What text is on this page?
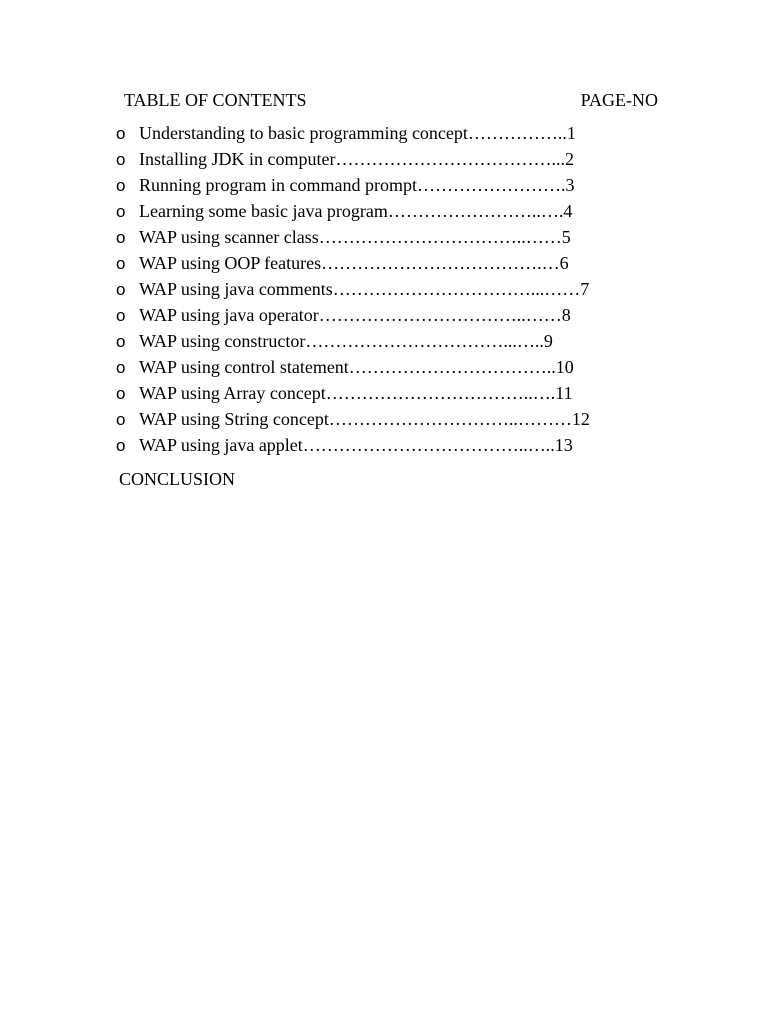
TABLE OF CONTENTS	PAGE-NO
o Understanding to basic programming concept……………..1
o Installing JDK in computer………………………………...2
o Running program in command prompt…………………….3
o Learning some basic java program……………………..….4
o WAP using scanner class……………………………..……5
o WAP using OOP features……………………………….…6
o WAP using java comments……………………………...……7
o WAP using java operator……………………………..……8
o WAP using constructor……………………………...…..9
o WAP using control statement……………………………..10
o WAP using Array concept……………………………..….11
o WAP using String concept…………………………..………12
o WAP using java applet………………………………..…..13
CONCLUSION
